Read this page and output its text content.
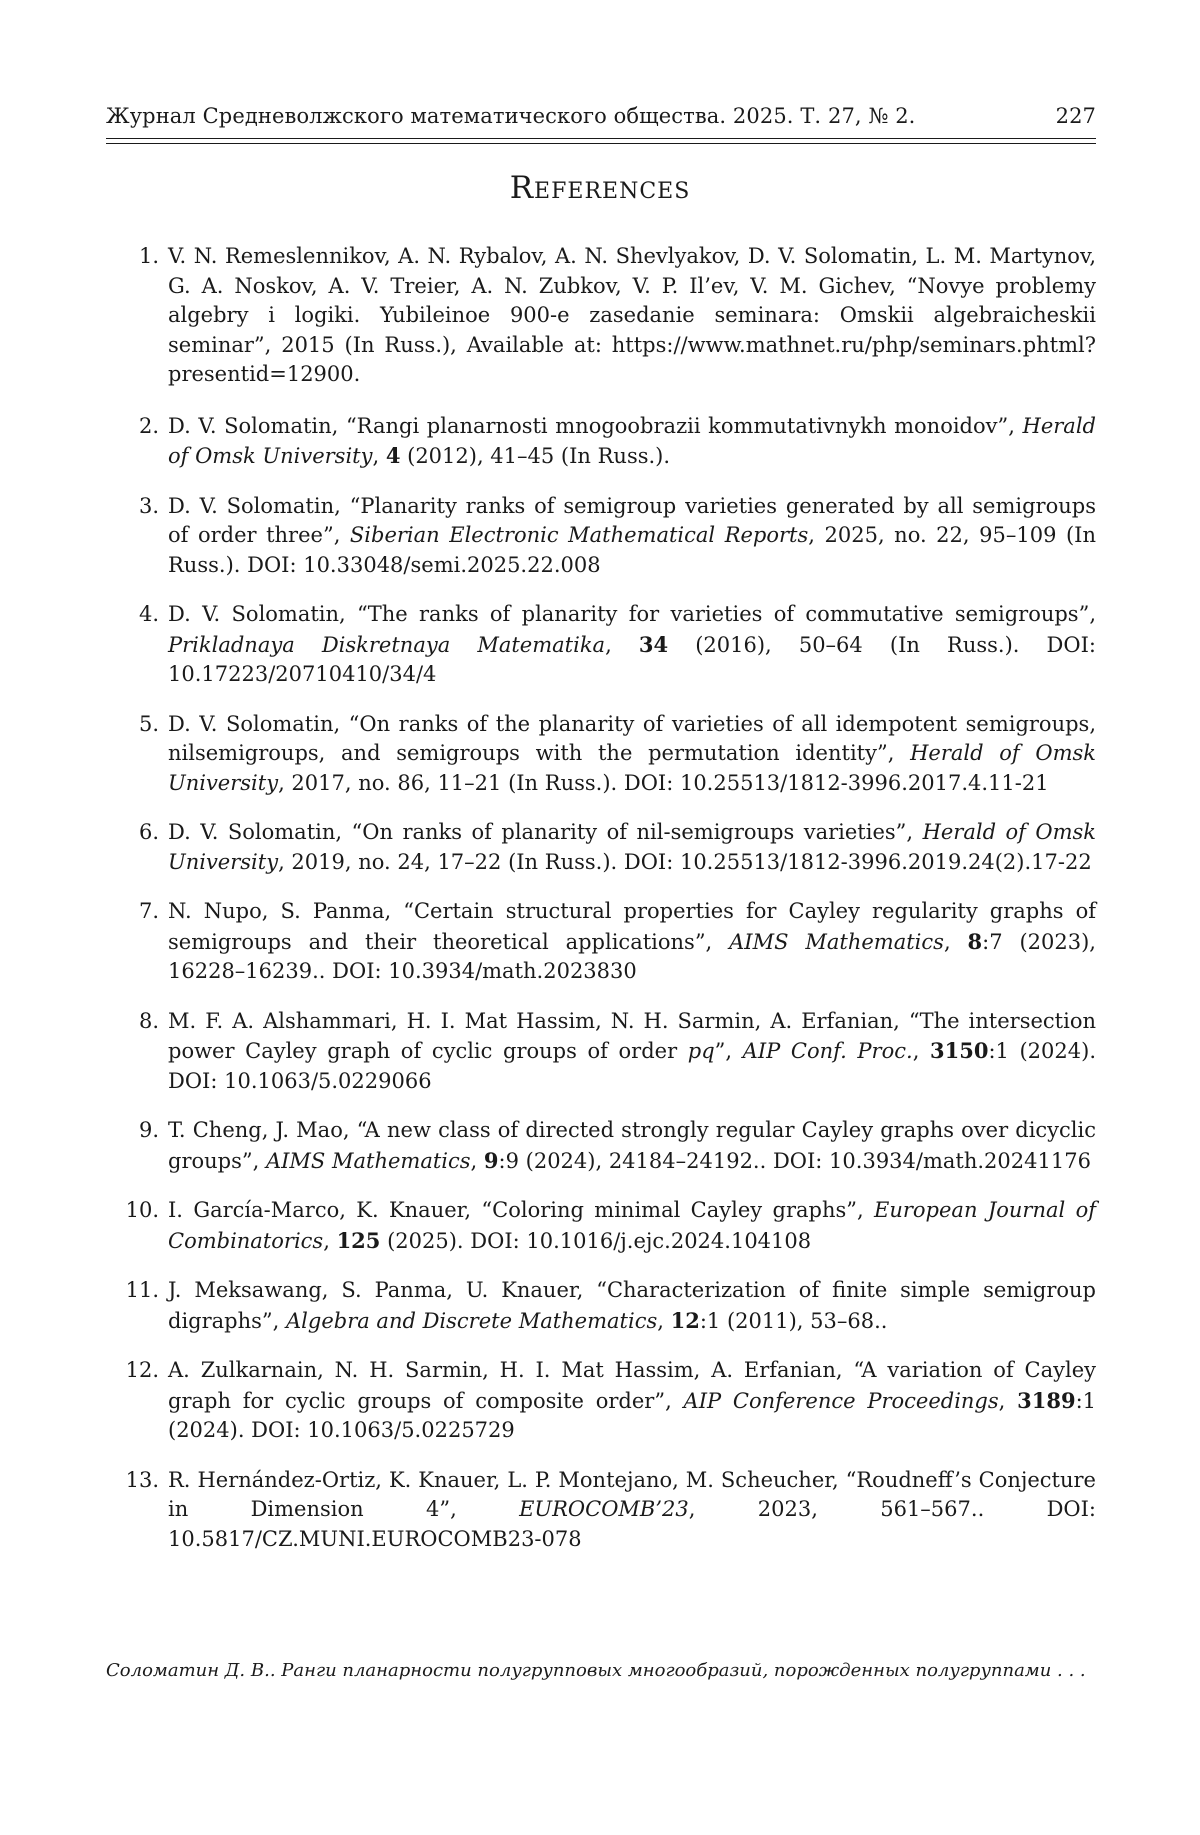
Журнал Средневолжского математического общества. 2025. Т. 27, № 2.	227
References
1. V. N. Remeslennikov, A. N. Rybalov, A. N. Shevlyakov, D. V. Solomatin, L. M. Martynov, G. A. Noskov, A. V. Treier, A. N. Zubkov, V. P. Il’ev, V. M. Gichev, “Novye problemy algebry i logiki. Yubileinoe 900-e zasedanie seminara: Omskii algebraicheskii seminar”, 2015 (In Russ.), Available at: https://www.mathnet.ru/php/seminars.phtml?presentid=12900.
2. D. V. Solomatin, “Rangi planarnosti mnogoobrazii kommutativnykh monoidov”, Herald of Omsk University, 4 (2012), 41–45 (In Russ.).
3. D. V. Solomatin, “Planarity ranks of semigroup varieties generated by all semigroups of order three”, Siberian Electronic Mathematical Reports, 2025, no. 22, 95–109 (In Russ.). DOI: 10.33048/semi.2025.22.008
4. D. V. Solomatin, “The ranks of planarity for varieties of commutative semigroups”, Prikladnaya Diskretnaya Matematika, 34 (2016), 50–64 (In Russ.). DOI: 10.17223/20710410/34/4
5. D. V. Solomatin, “On ranks of the planarity of varieties of all idempotent semigroups, nilsemigroups, and semigroups with the permutation identity”, Herald of Omsk University, 2017, no. 86, 11–21 (In Russ.). DOI: 10.25513/1812-3996.2017.4.11-21
6. D. V. Solomatin, “On ranks of planarity of nil-semigroups varieties”, Herald of Omsk University, 2019, no. 24, 17–22 (In Russ.). DOI: 10.25513/1812-3996.2019.24(2).17-22
7. N. Nupo, S. Panma, “Certain structural properties for Cayley regularity graphs of semigroups and their theoretical applications”, AIMS Mathematics, 8:7 (2023), 16228–16239.. DOI: 10.3934/math.2023830
8. M. F. A. Alshammari, H. I. Mat Hassim, N. H. Sarmin, A. Erfanian, “The intersection power Cayley graph of cyclic groups of order pq”, AIP Conf. Proc., 3150:1 (2024). DOI: 10.1063/5.0229066
9. T. Cheng, J. Mao, “A new class of directed strongly regular Cayley graphs over dicyclic groups”, AIMS Mathematics, 9:9 (2024), 24184–24192.. DOI: 10.3934/math.20241176
10. I. García-Marco, K. Knauer, “Coloring minimal Cayley graphs”, European Journal of Combinatorics, 125 (2025). DOI: 10.1016/j.ejc.2024.104108
11. J. Meksawang, S. Panma, U. Knauer, “Characterization of finite simple semigroup digraphs”, Algebra and Discrete Mathematics, 12:1 (2011), 53–68..
12. A. Zulkarnain, N. H. Sarmin, H. I. Mat Hassim, A. Erfanian, “A variation of Cayley graph for cyclic groups of composite order”, AIP Conference Proceedings, 3189:1 (2024). DOI: 10.1063/5.0225729
13. R. Hernández-Ortiz, K. Knauer, L. P. Montejano, M. Scheucher, “Roudneff’s Conjecture in Dimension 4”, EUROCOMB’23, 2023, 561–567.. DOI: 10.5817/CZ.MUNI.EUROCOMB23-078
Соломатин Д. В.. Ранги планарности полугрупповых многообразий, порожденных полугруппами . . .
